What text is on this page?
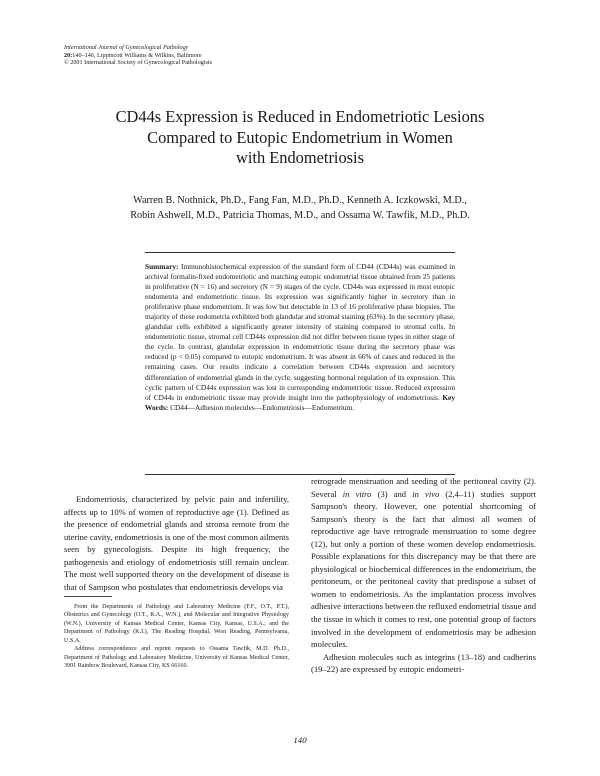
International Journal of Gynecological Pathology
20:140–146, Lippincott Williams & Wilkins, Baltimore
© 2001 International Society of Gynecological Pathologists
CD44s Expression is Reduced in Endometriotic Lesions
Compared to Eutopic Endometrium in Women
with Endometriosis
Warren B. Nothnick, Ph.D., Fang Fan, M.D., Ph.D., Kenneth A. Iczkowski, M.D.,
Robin Ashwell, M.D., Patricia Thomas, M.D., and Ossama W. Tawfik, M.D., Ph.D.
Summary: Immunohistochemical expression of the standard form of CD44 (CD44s) was examined in archival formalin-fixed endometriotic and matching eutopic endometrial tissue obtained from 25 patients in proliferative (N = 16) and secretory (N = 9) stages of the cycle. CD44s was expressed in most eutopic endometria and endometriotic tissue. Its expression was significantly higher in secretory than in proliferative phase endometrium. It was low but detectable in 13 of 16 proliferative phase biopsies. The majority of these endometria exhibited both glandular and stromal staining (63%). In the secretory phase, glandular cells exhibited a significantly greater intensity of staining compared to stromal cells. In endometriotic tissue, stromal cell CD44s expression did not differ between tissue types in either stage of the cycle. In contrast, glandular expression in endometriotic tissue during the secretory phase was reduced (p < 0.05) compared to eutopic endometrium. It was absent in 66% of cases and reduced in the remaining cases. Our results indicate a correlation between CD44s expression and secretory differentiation of endometrial glands in the cycle, suggesting hormonal regulation of its expression. This cyclic pattern of CD44s expression was lost in corresponding endometriotic tissue. Reduced expression of CD44s in endometriotic tissue may provide insight into the pathophysiology of endometriosis. Key Words: CD44—Adhesion molecules—Endometriosis—Endometrium.

Endometriosis, characterized by pelvic pain and infertility, affects up to 10% of women of reproductive age (1). Defined as the presence of endometrial glands and stroma remote from the uterine cavity, endometriosis is one of the most common ailments seen by gynecologists. Despite its high frequency, the pathogenesis and etiology of endometriosis still remain unclear. The most well supported theory on the development of disease is that of Sampson who postulates that endometriosis develops via

From the Departments of Pathology and Laboratory Medicine (F.F., O.T., P.T.), Obstetrics and Gynecology (O.T., R.A., W.N.), and Molecular and Integrative Physiology (W.N.), University of Kansas Medical Center, Kansas City, Kansas, U.S.A.; and the Department of Pathology (K.I.), The Reading Hospital, West Reading, Pennsylvania, U.S.A.

Address correspondence and reprint requests to Ossama Tawfik, M.D. Ph.D., Department of Pathology and Laboratory Medicine, University of Kansas Medical Center, 3901 Rainbow Boulevard, Kansas City, KS 66160.

retrograde menstruation and seeding of the peritoneal cavity (2). Several in vitro (3) and in vivo (2,4–11) studies support Sampson's theory. However, one potential shortcoming of Sampson's theory is the fact that almost all women of reproductive age have retrograde menstruation to some degree (12), but only a portion of these women develop endometriosis. Possible explanations for this discrepancy may be that there are physiological or biochemical differences in the endometrium, the peritoneum, or the peritoneal cavity that predispose a subset of women to endometriosis. As the implantation process involves adhesive interactions between the refluxed endometrial tissue and the tissue in which it comes to rest, one potential group of factors involved in the development of endometriosis may be adhesion molecules.

Adhesion molecules such as integrins (13–18) and cadherins (19–22) are expressed by eutopic endometri-

140
